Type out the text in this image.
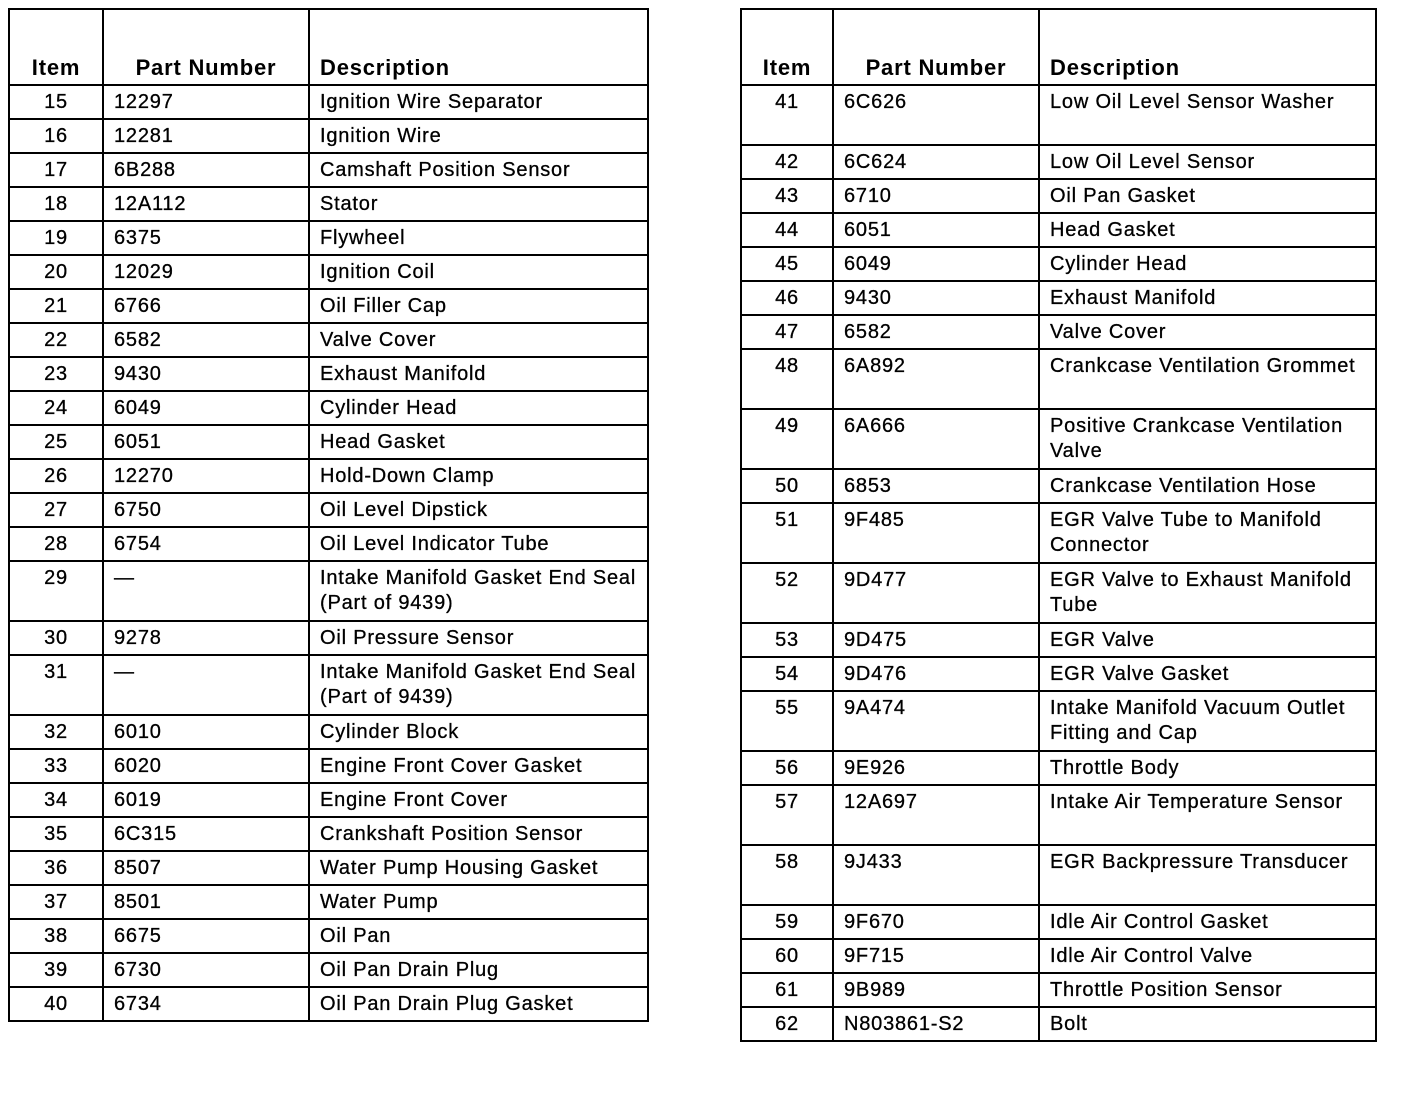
Item	Part Number	Description
15	12297	Ignition Wire Separator
16	12281	Ignition Wire
17	6B288	Camshaft Position Sensor
18	12A112	Stator
19	6375	Flywheel
20	12029	Ignition Coil
21	6766	Oil Filler Cap
22	6582	Valve Cover
23	9430	Exhaust Manifold
24	6049	Cylinder Head
25	6051	Head Gasket
26	12270	Hold-Down Clamp
27	6750	Oil Level Dipstick
28	6754	Oil Level Indicator Tube
29	—	Intake Manifold Gasket End Seal (Part of 9439)
30	9278	Oil Pressure Sensor
31	—	Intake Manifold Gasket End Seal (Part of 9439)
32	6010	Cylinder Block
33	6020	Engine Front Cover Gasket
34	6019	Engine Front Cover
35	6C315	Crankshaft Position Sensor
36	8507	Water Pump Housing Gasket
37	8501	Water Pump
38	6675	Oil Pan
39	6730	Oil Pan Drain Plug
40	6734	Oil Pan Drain Plug Gasket
Item	Part Number	Description
41	6C626	Low Oil Level Sensor Washer
42	6C624	Low Oil Level Sensor
43	6710	Oil Pan Gasket
44	6051	Head Gasket
45	6049	Cylinder Head
46	9430	Exhaust Manifold
47	6582	Valve Cover
48	6A892	Crankcase Ventilation Grommet
49	6A666	Positive Crankcase Ventilation Valve
50	6853	Crankcase Ventilation Hose
51	9F485	EGR Valve Tube to Manifold Connector
52	9D477	EGR Valve to Exhaust Manifold Tube
53	9D475	EGR Valve
54	9D476	EGR Valve Gasket
55	9A474	Intake Manifold Vacuum Outlet Fitting and Cap
56	9E926	Throttle Body
57	12A697	Intake Air Temperature Sensor
58	9J433	EGR Backpressure Transducer
59	9F670	Idle Air Control Gasket
60	9F715	Idle Air Control Valve
61	9B989	Throttle Position Sensor
62	N803861-S2	Bolt
